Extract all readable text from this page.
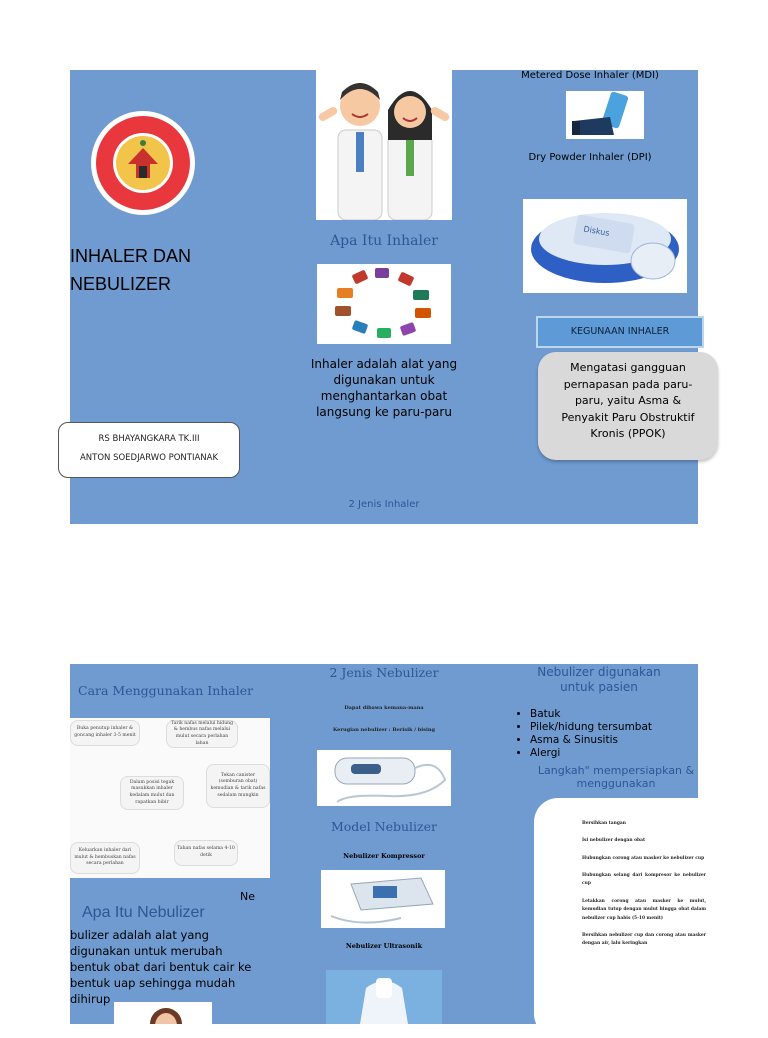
INHALER DAN
NEBULIZER
RS BHAYANGKARA TK.III
ANTON SOEDJARWO PONTIANAK
Apa Itu Inhaler
Inhaler adalah alat yang digunakan untuk menghantarkan obat langsung ke paru-paru
2 Jenis Inhaler
Metered Dose Inhaler (MDI)
Dry Powder Inhaler (DPI)
Diskus
KEGUNAAN INHALER
Mengatasi gangguan pernapasan pada paru-paru, yaitu Asma & Penyakit Paru Obstruktif Kronis (PPOK)
Cara Menggunakan Inhaler
Buka penutup inhaler & goncang inhaler 3-5 menit
Tarik nafas melalui hidung & hembus nafas melalui mulut secara perlahan lahan
Tekan canister (semburan obat) kemudian & tarik nafas sedalam mungkin
Dalam posisi tegak masukkan inhaler kedalam mulut dan rapatkan bibir
Keluarkan inhaler dari mulut & hembuskan nafas secara perlahan
Tahan nafas selama 4-10 detik
Ne
Apa Itu Nebulizer
bulizer adalah alat yang digunakan untuk merubah bentuk obat dari bentuk cair ke bentuk uap sehingga mudah dihirup
2 Jenis Nebulizer
Dapat dibawa kemana-mana
Kerugian nebulizer : Berisik / bising
Model Nebulizer
Nebulizer Kompressor
Nebulizer Ultrasonik
Nebulizer digunakan untuk pasien
• Batuk
• Pilek/hidung tersumbat
• Asma & Sinusitis
• Alergi
Langkah" mempersiapkan & menggunakan
Bersihkan tangan
Isi nebulizer dengan obat
Hubungkan corong atau masker ke nebulizer cup
Hubungkan selang dari kompresor ke nebulizer cup
Letakkan corong atau masker ke mulut, kemudian tutup dengan mulut hingga obat dalam nebulizer cup habis (5-10 menit)
Bersihkan nebulizer cup dan corong atau masker dengan air, lalu keringkan
